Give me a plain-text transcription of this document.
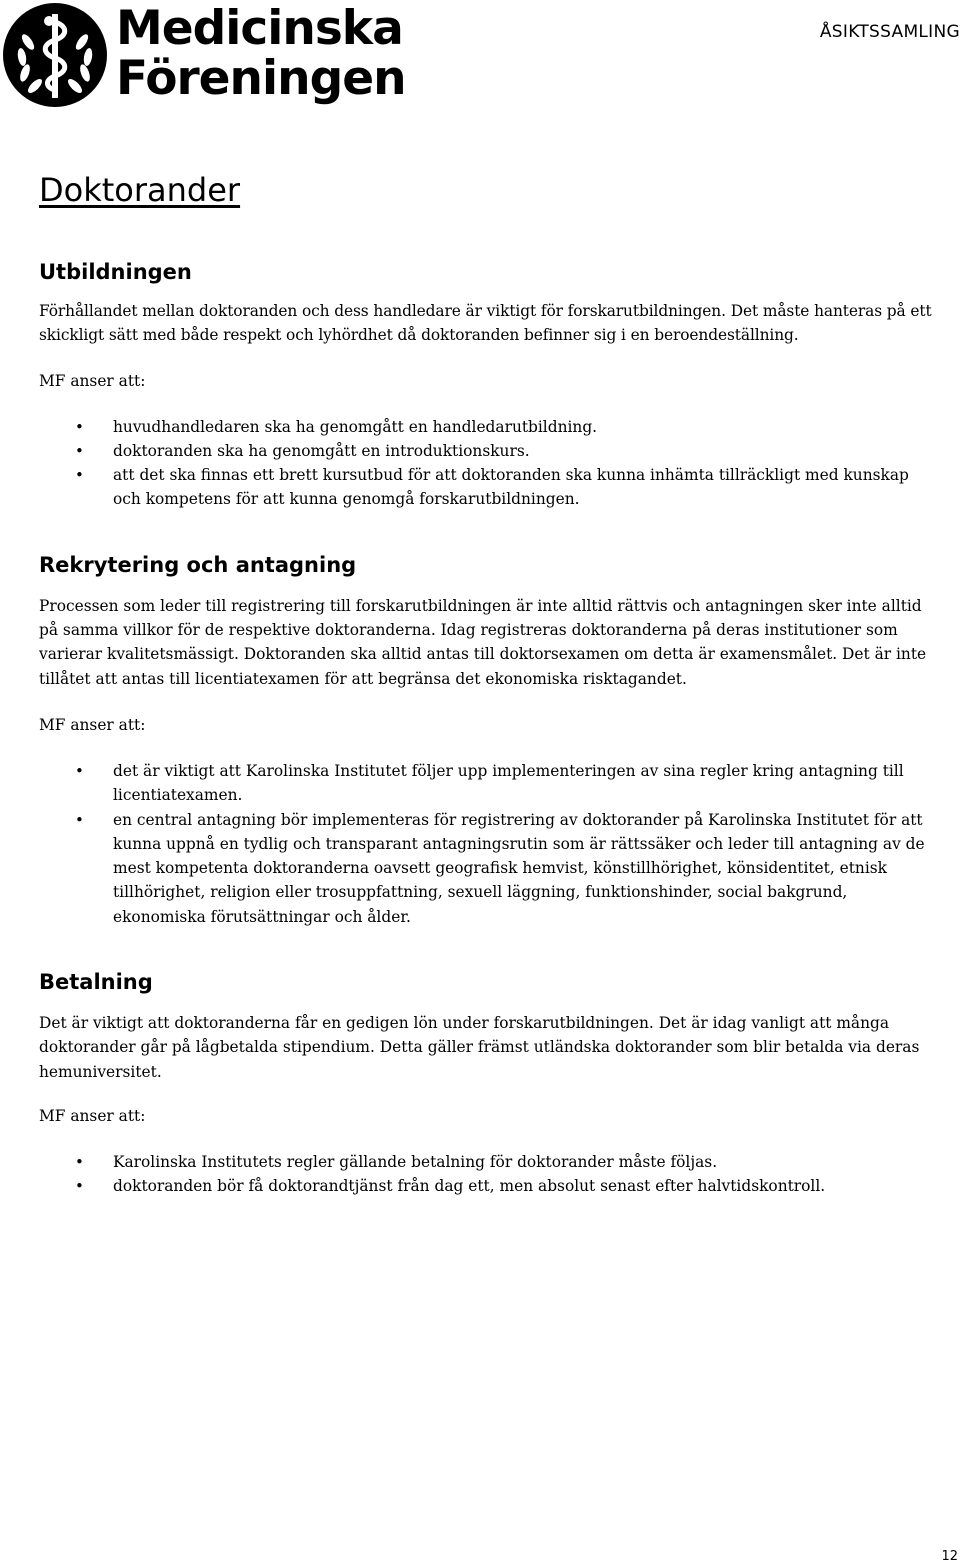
Medicinska
Föreningen
ÅSIKTSSAMLING
Doktorander
Utbildningen

Förhållandet mellan doktoranden och dess handledare är viktigt för forskarutbildningen. Det måste hanteras på ett skickligt sätt med både respekt och lyhördhet då doktoranden befinner sig i en beroendeställning.

MF anser att:

• huvudhandledaren ska ha genomgått en handledarutbildning.
• doktoranden ska ha genomgått en introduktionskurs.
• att det ska finnas ett brett kursutbud för att doktoranden ska kunna inhämta tillräckligt med kunskap och kompetens för att kunna genomgå forskarutbildningen.
Rekrytering och antagning

Processen som leder till registrering till forskarutbildningen är inte alltid rättvis och antagningen sker inte alltid på samma villkor för de respektive doktoranderna. Idag registreras doktoranderna på deras institutioner som varierar kvalitetsmässigt. Doktoranden ska alltid antas till doktorsexamen om detta är examensmålet. Det är inte tillåtet att antas till licentiatexamen för att begränsa det ekonomiska risktagandet.

MF anser att:

• det är viktigt att Karolinska Institutet följer upp implementeringen av sina regler kring antagning till licentiatexamen.
• en central antagning bör implementeras för registrering av doktorander på Karolinska Institutet för att kunna uppnå en tydlig och transparant antagningsrutin som är rättssäker och leder till antagning av de mest kompetenta doktoranderna oavsett geografisk hemvist, könstillhörighet, könsidentitet, etnisk tillhörighet, religion eller trosuppfattning, sexuell läggning, funktionshinder, social bakgrund, ekonomiska förutsättningar och ålder.
Betalning

Det är viktigt att doktoranderna får en gedigen lön under forskarutbildningen. Det är idag vanligt att många doktorander går på lågbetalda stipendium. Detta gäller främst utländska doktorander som blir betalda via deras hemuniversitet.

MF anser att:

• Karolinska Institutets regler gällande betalning för doktorander måste följas.
• doktoranden bör få doktorandtjänst från dag ett, men absolut senast efter halvtidskontroll.
12
